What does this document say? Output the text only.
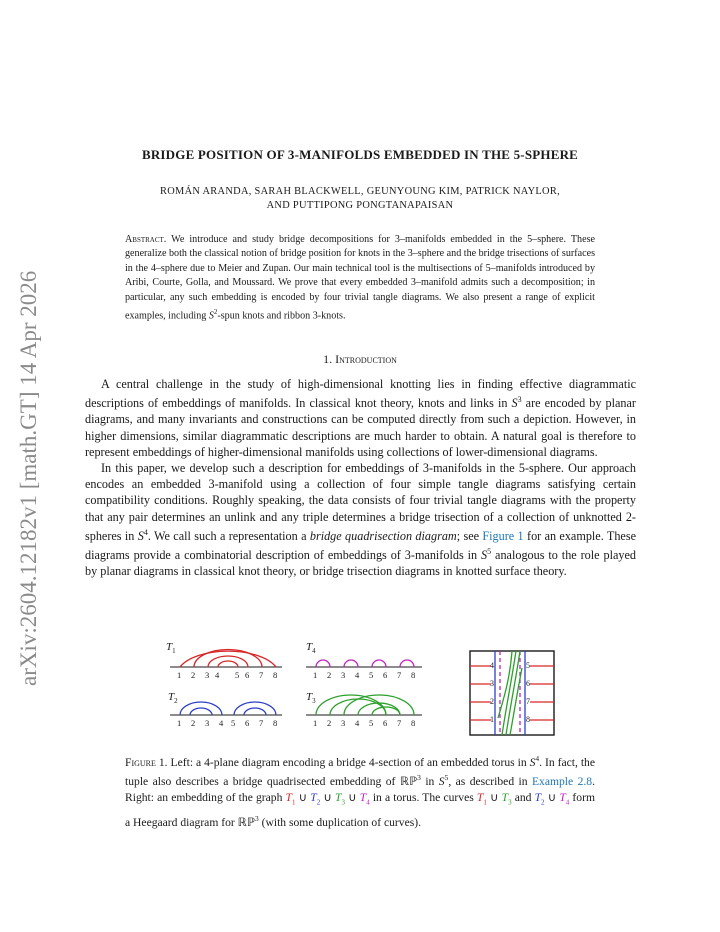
arXiv:2604.12182v1 [math.GT] 14 Apr 2026
BRIDGE POSITION OF 3-MANIFOLDS EMBEDDED IN THE 5-SPHERE
ROMÁN ARANDA, SARAH BLACKWELL, GEUNYOUNG KIM, PATRICK NAYLOR,
AND PUTTIPONG PONGTANAPAISAN
Abstract. We introduce and study bridge decompositions for 3–manifolds embedded in the 5–sphere. These generalize both the classical notion of bridge position for knots in the 3–sphere and the bridge trisections of surfaces in the 4–sphere due to Meier and Zupan. Our main technical tool is the multisections of 5–manifolds introduced by Aribi, Courte, Golla, and Moussard. We prove that every embedded 3–manifold admits such a decomposition; in particular, any such embedding is encoded by four trivial tangle diagrams. We also present a range of explicit examples, including $S^2$-spun knots and ribbon 3-knots.
1. Introduction

A central challenge in the study of high-dimensional knotting lies in finding effective diagrammatic descriptions of embeddings of manifolds. In classical knot theory, knots and links in $S^3$ are encoded by planar diagrams, and many invariants and constructions can be computed directly from such a depiction. However, in higher dimensions, similar diagrammatic descriptions are much harder to obtain. A natural goal is therefore to represent embeddings of higher-dimensional manifolds using collections of lower-dimensional diagrams.

In this paper, we develop such a description for embeddings of 3-manifolds in the 5-sphere. Our approach encodes an embedded 3-manifold using a collection of four simple tangle diagrams satisfying certain compatibility conditions. Roughly speaking, the data consists of four trivial tangle diagrams with the property that any pair determines an unlink and any triple determines a bridge trisection of a collection of unknotted 2-spheres in $S^4$. We call such a representation a bridge quadrisection diagram; see Figure 1 for an example. These diagrams provide a combinatorial description of embeddings of 3-manifolds in $S^5$ analogous to the role played by planar diagrams in classical knot theory, or bridge trisection diagrams in knotted surface theory.

$T_1$
1 2 3 4 5 6 7 8
$T_2$
1 2 3 4 5 6 7 8
$T_4$
1 2 3 4 5 6 7 8
$T_3$
1 2 3 4 5 6 7 8
4
3
2
1
5
6
7
8
Figure 1. Left: a 4-plane diagram encoding a bridge 4-section of an embedded torus in $S^4$. In fact, the tuple also describes a bridge quadrisected embedding of ℝℙ$^3$ in $S^5$, as described in Example 2.8. Right: an embedding of the graph $T_1$ ∪ $T_2$ ∪ $T_3$ ∪ $T_4$ in a torus. The curves $T_1$ ∪ $T_3$ and $T_2$ ∪ $T_4$ form a Heegaard diagram for ℝℙ$^3$ (with some duplication of curves).
